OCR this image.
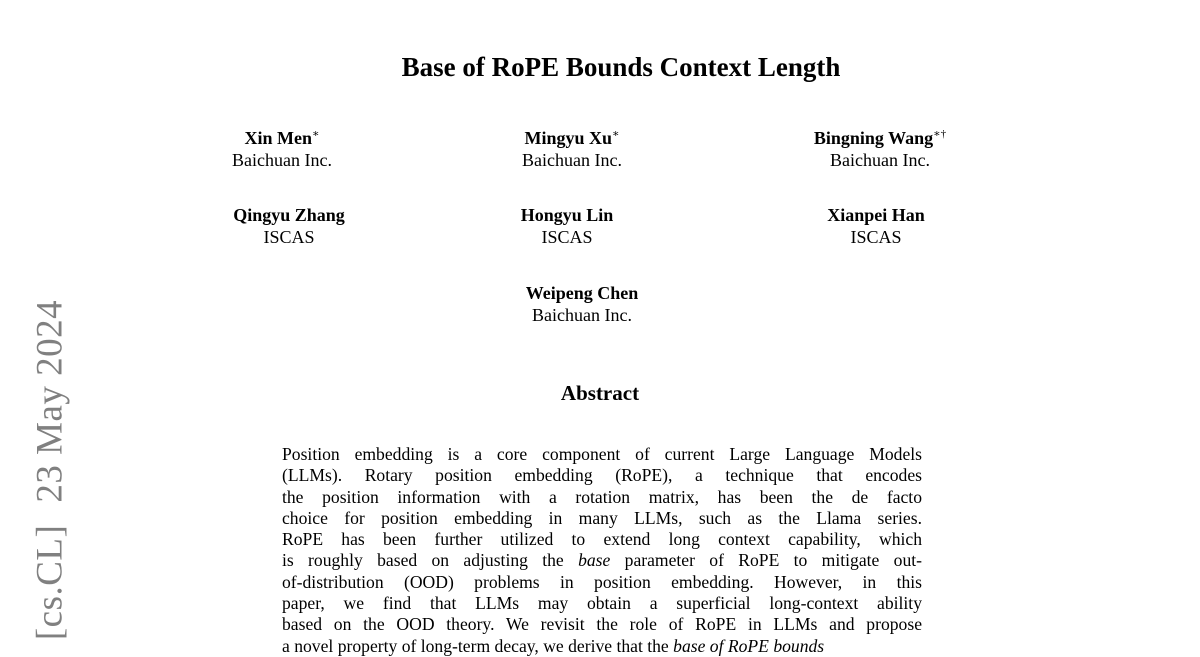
[cs.CL]23 May 2024
Base of RoPE Bounds Context Length
Xin Men∗
Baichuan Inc.
Mingyu Xu∗
Baichuan Inc.
Bingning Wang∗†
Baichuan Inc.
Qingyu Zhang
ISCAS
Hongyu Lin
ISCAS
Xianpei Han
ISCAS
Weipeng Chen
Baichuan Inc.
Abstract
Position embedding is a core component of current Large Language Models
(LLMs). Rotary position embedding (RoPE), a technique that encodes
the position information with a rotation matrix, has been the de facto
choice for position embedding in many LLMs, such as the Llama series.
RoPE has been further utilized to extend long context capability, which
is roughly based on adjusting the base parameter of RoPE to mitigate out-
of-distribution (OOD) problems in position embedding. However, in this
paper, we find that LLMs may obtain a superficial long-context ability
based on the OOD theory. We revisit the role of RoPE in LLMs and propose
a novel property of long-term decay, we derive that the base of RoPE bounds
